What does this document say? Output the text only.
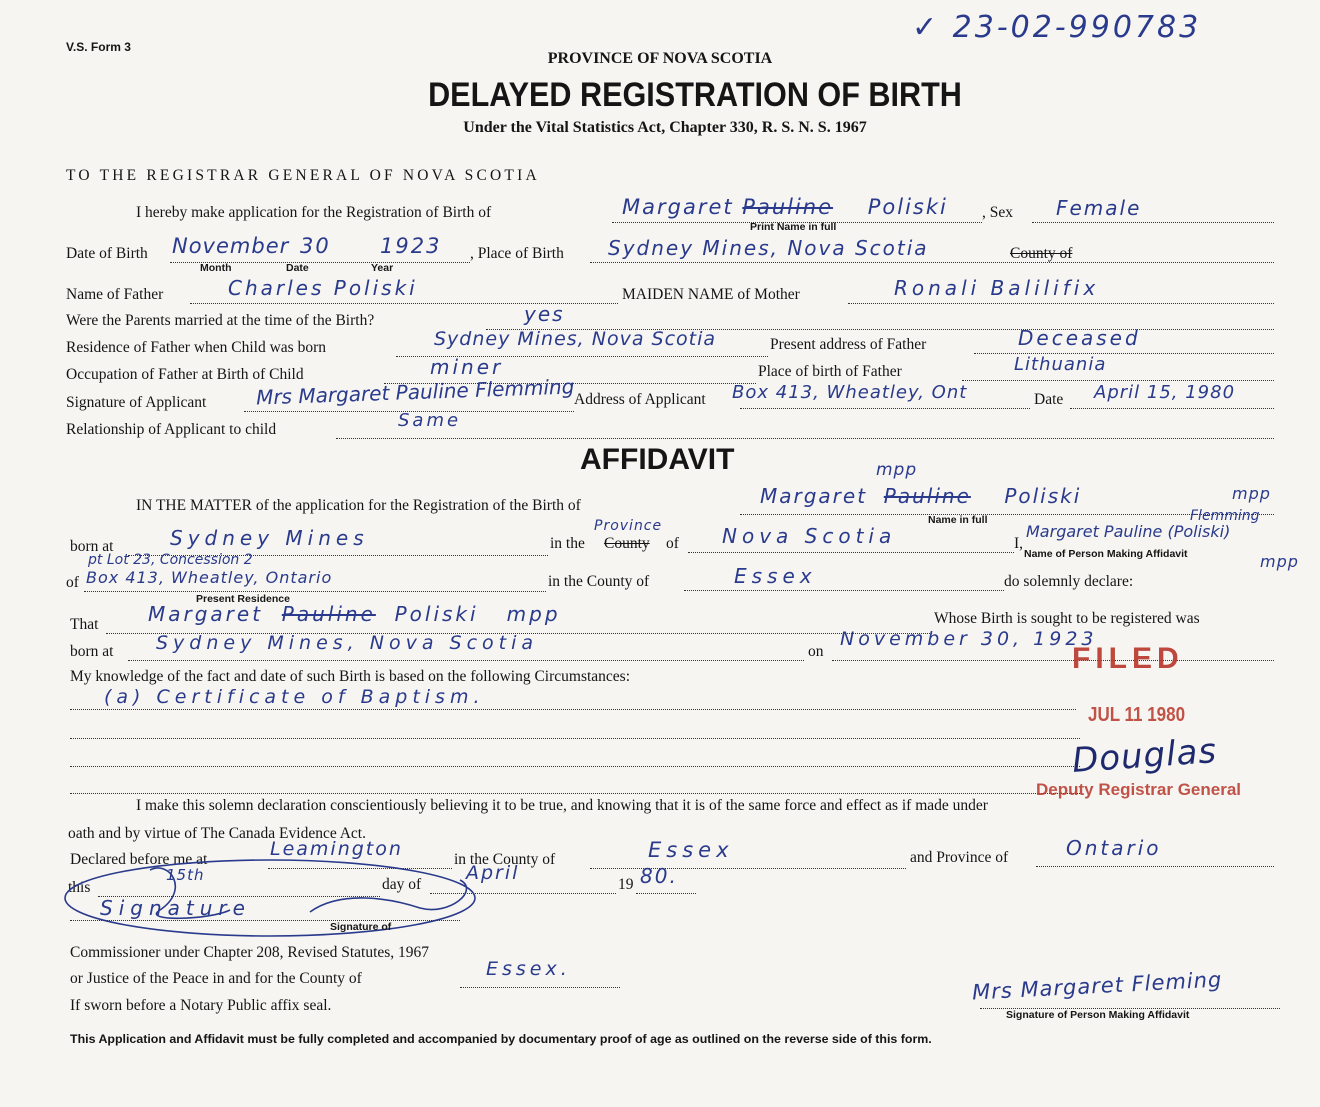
V.S. Form 3
✓ 23-02-990783
PROVINCE OF NOVA SCOTIA
DELAYED REGISTRATION OF BIRTH
Under the Vital Statistics Act, Chapter 330, R. S. N. S. 1967
TO THE REGISTRAR GENERAL OF NOVA SCOTIA
I hereby make application for the Registration of Birth of	Margaret Pauline Poliski
Print Name in full
, Sex Female
Date of Birth November 30 1923
Month	Date	Year
, Place of Birth Sydney Mines, Nova Scotia	County of
Name of Father	Charles Poliski	MAIDEN NAME of Mother	Ronali Balilifix
Were the Parents married at the time of the Birth?	yes
Residence of Father when Child was born	Sydney Mines, Nova Scotia	Present address of Father	Deceased
Occupation of Father at Birth of Child	miner	Place of birth of Father	Lithuania
Signature of Applicant Mrs Margaret Pauline Flemming Address of Applicant Box 413, Wheatley, Ont	Date April 15, 1980
Relationship of Applicant to child	Same
AFFIDAVIT	mpp
IN THE MATTER of the application for the Registration of the Birth of	Margaret Pauline Poliski	mpp
Name in full
born at	Sydney Mines	in the County
Province
of Nova Scotia	I,
Margaret Pauline (Poliski)
Flemming
Name of Person Making Affidavit	mpp
pt Lot 23, Concession 2
of Box 413, Wheatley, Ontario
Present Residence
in the County of	Essex	do solemnly declare:
That Margaret Pauline Poliski mpp	Whose Birth is sought to be registered was
born at Sydney Mines, Nova Scotia	on
November 30, 1923
My knowledge of the fact and date of such Birth is based on the following Circumstances:
(a) Certificate of Baptism.
I make this solemn declaration conscientiously believing it to be true, and knowing that it is of the same force and effect as if made under
oath and by virtue of The Canada Evidence Act.
Declared before me at	Leamington	in the County of	Essex	and Province of	Ontario
this
15th
day of
April
19 80.
Signature
Signature of
Commissioner under Chapter 208, Revised Statutes, 1967
or Justice of the Peace in and for the County of	Essex.
If sworn before a Notary Public affix seal.
Mrs Margaret Fleming
Signature of Person Making Affidavit
FILED
JUL 11 1980
Deputy Registrar General
Douglas
This Application and Affidavit must be fully completed and accompanied by documentary proof of age as outlined on the reverse side of this form.
